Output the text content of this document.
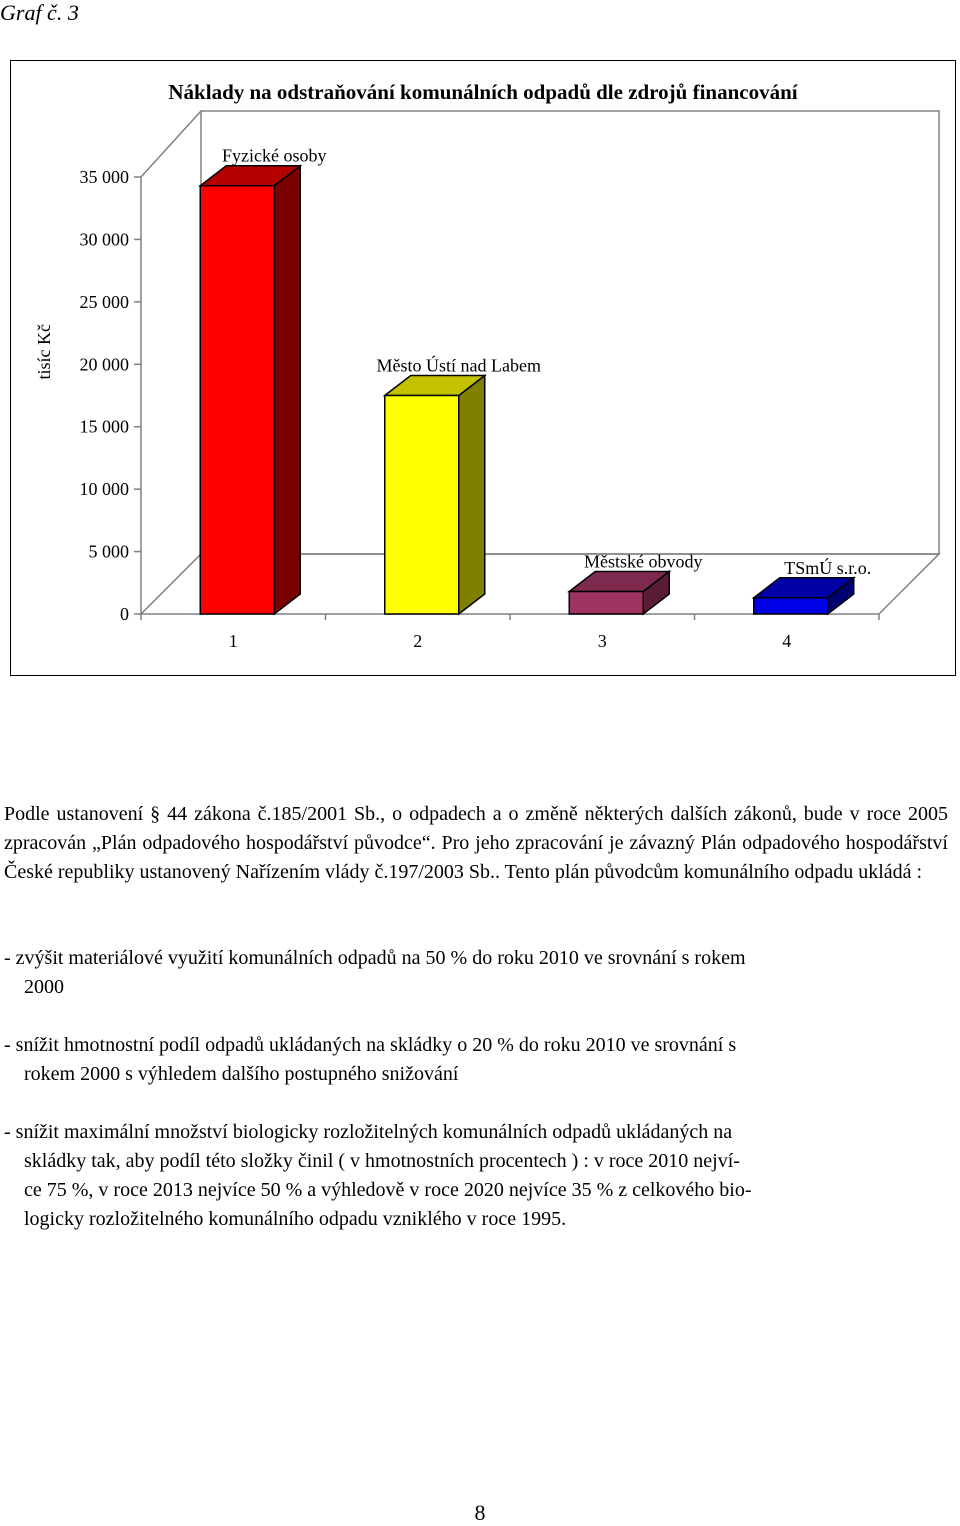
Graf č. 3
0
5 000
10 000
15 000
20 000
25 000
30 000
35 000
tisíc Kč
Náklady na odstraňování komunálních odpadů dle zdrojů financování
1
Fyzické osoby
2
Město Ústí nad Labem
3
Městské obvody
4
TSmÚ s.r.o.
Podle ustanovení § 44 zákona č.185/2001 Sb., o odpadech a o změně některých dalších zákonů, bude v roce 2005 zpracován „Plán odpadového hospodářství původce“. Pro jeho zpracování je závazný Plán odpadového hospodářství České republiky ustanovený Nařízením vlády č.197/2003 Sb.. Tento plán původcům komunálního odpadu ukládá :
- zvýšit materiálové využití komunálních odpadů na 50 % do roku 2010 ve srovnání s rokem
2000
- snížit hmotnostní podíl odpadů ukládaných na skládky o 20 % do roku 2010 ve srovnání s
rokem 2000 s výhledem dalšího postupného snižování
- snížit maximální množství biologicky rozložitelných komunálních odpadů ukládaných na
skládky tak, aby podíl této složky činil ( v hmotnostních procentech ) : v roce 2010 nejví-
ce 75 %, v roce 2013 nejvíce 50 % a výhledově v roce 2020 nejvíce 35 % z celkového bio-
logicky rozložitelného komunálního odpadu vzniklého v roce 1995.
8
